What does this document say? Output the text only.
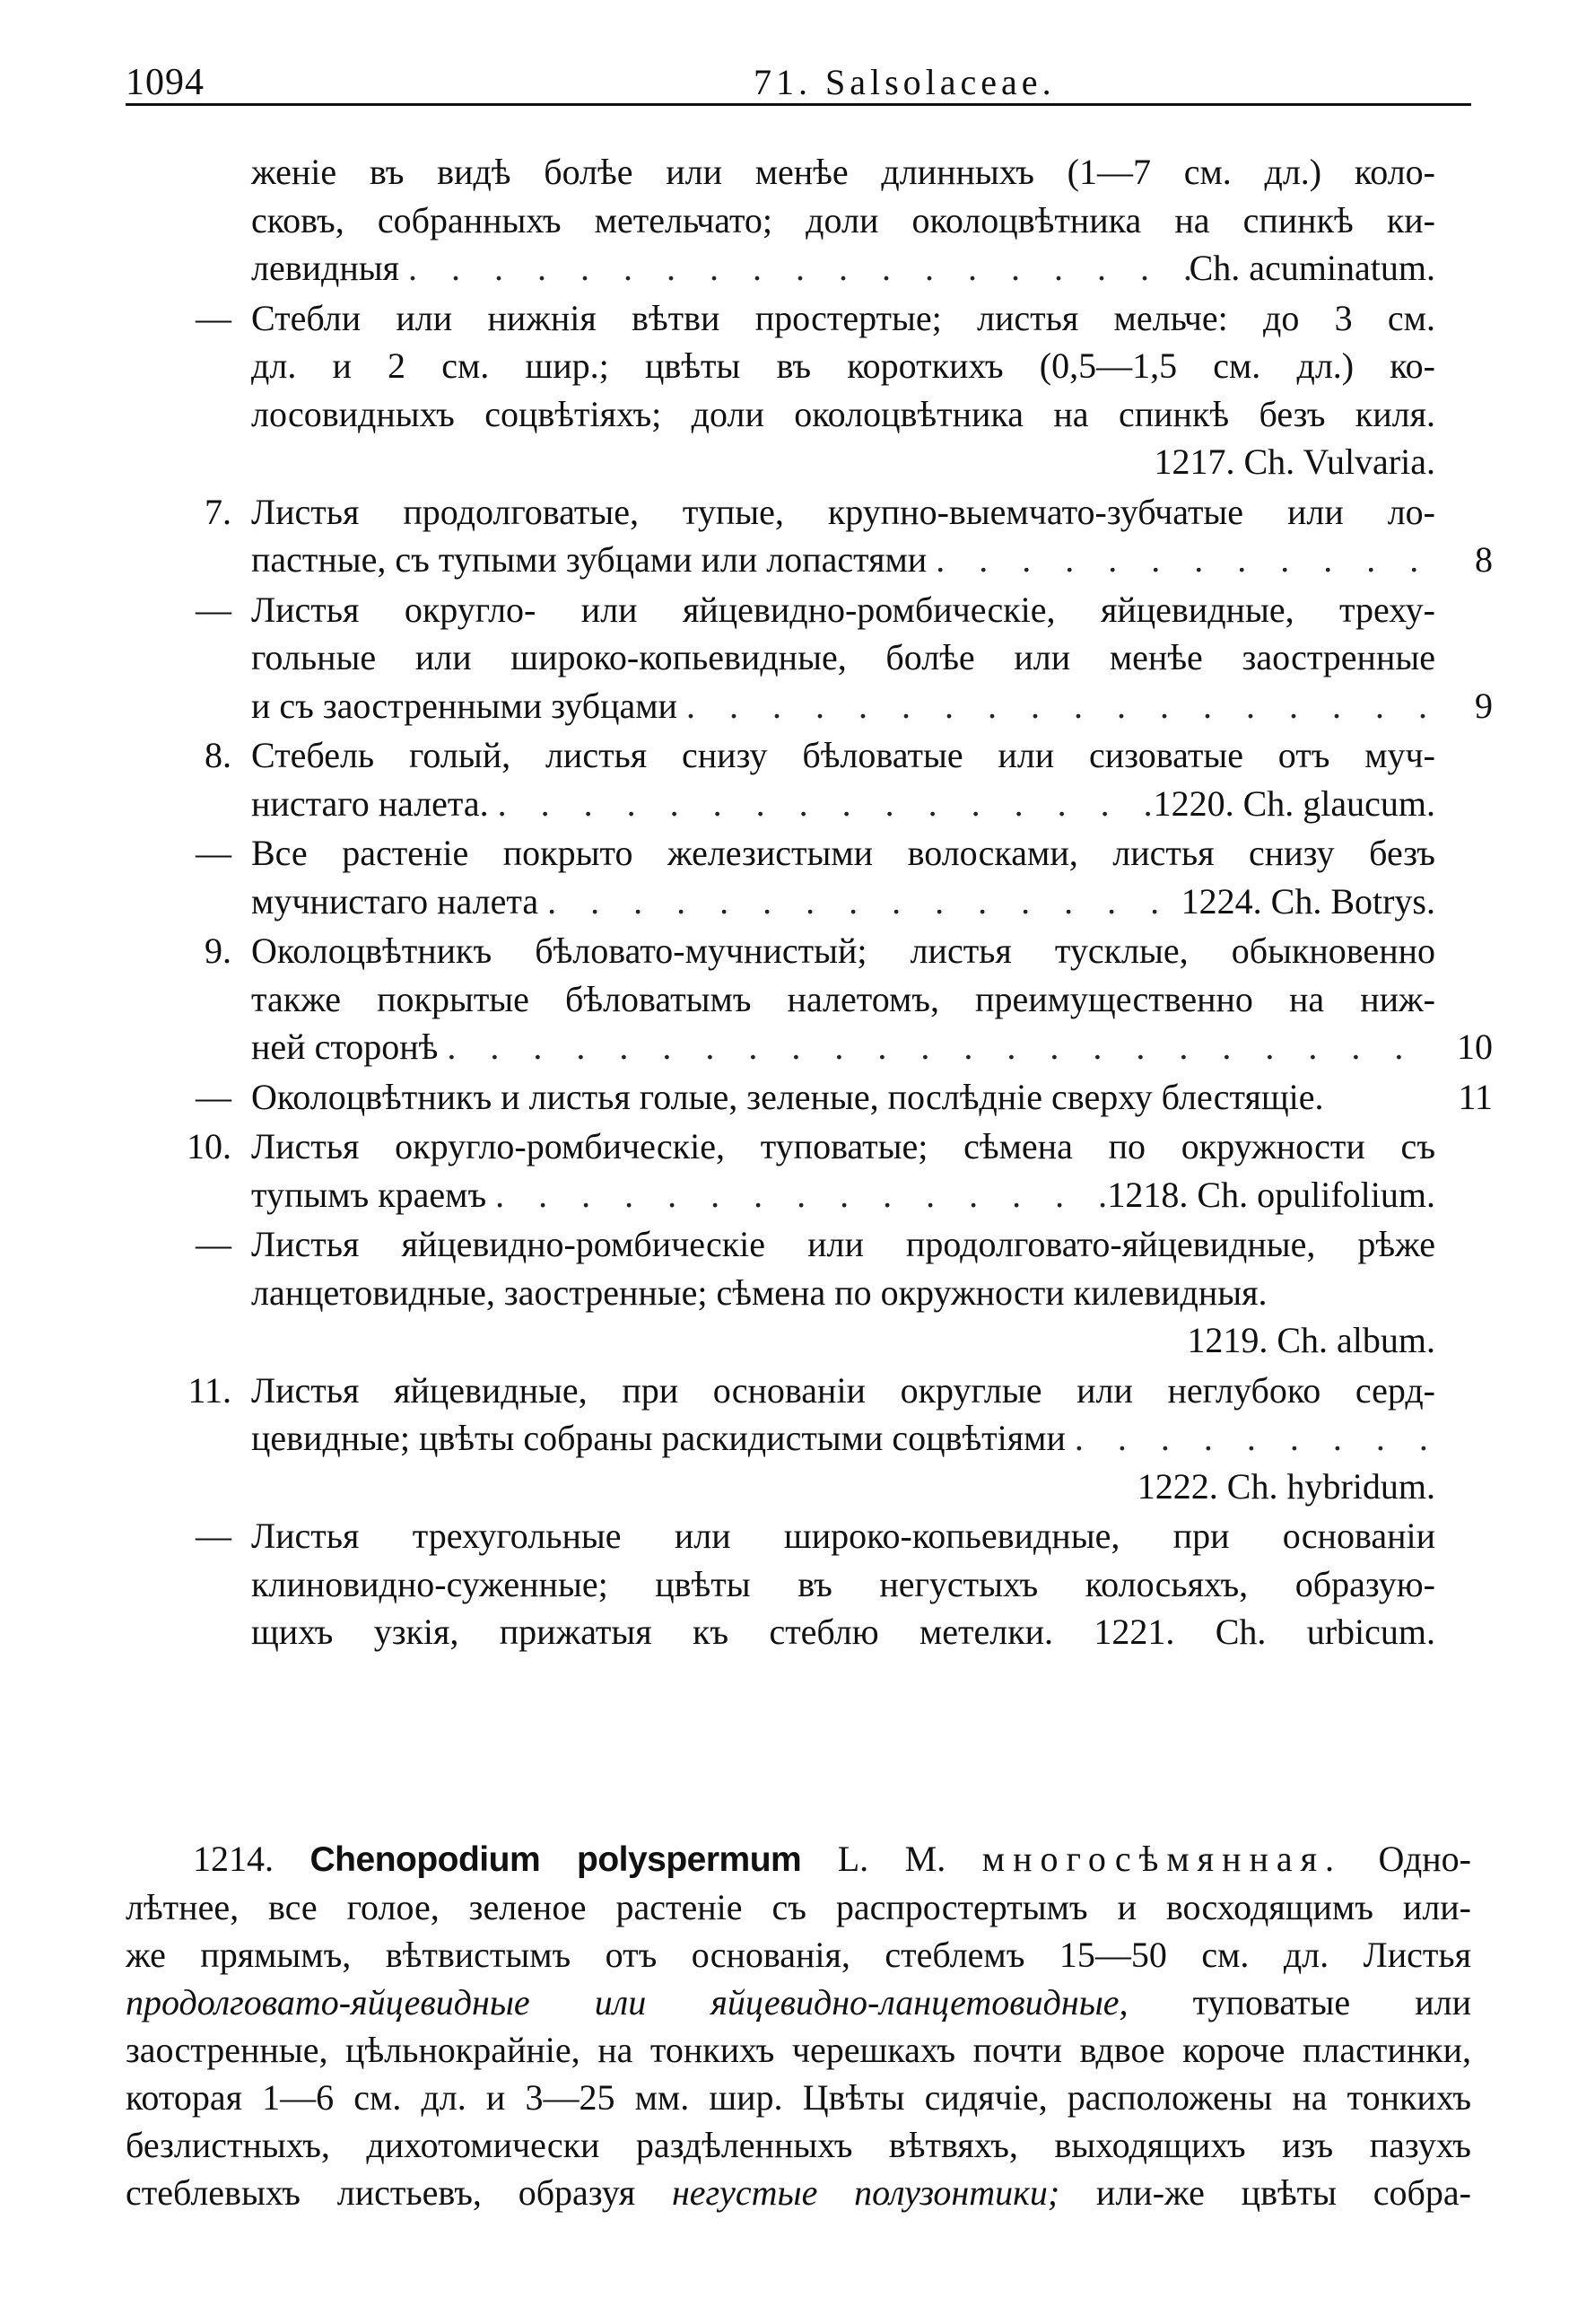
1094	71. Salsolaceae.
женіе въ видѣ болѣе или менѣе длинныхъ (1—7 см. дл.) коло-
сковъ, собранныхъ метельчато; доли околоцвѣтника на спинкѣ ки-
левидныя . . .	Ch. acuminatum.
— Стебли или нижнія вѣтви простертые; листья мельче: до 3 см.
дл. и 2 см. шир.; цвѣты въ короткихъ (0,5—1,5 см. дл.) ко-
лосовидныхъ соцвѣтіяхъ; доли околоцвѣтника на спинкѣ безъ киля.
1217. Ch. Vulvaria.
7. Листья продолговатые, тупые, крупно-выемчато-зубчатые или ло-
пастные, съ тупыми зубцами или лопастями . . .	8
— Листья округло- или яйцевидно-ромбическіе, яйцевидные, треху-
гольные или широко-копьевидные, болѣе или менѣе заостренные
и съ заостренными зубцами . . .	9
8. Стебель голый, листья снизу бѣловатые или сизоватые отъ муч-
нистаго налета. . . .	1220. Ch. glaucum.
— Все растеніе покрыто железистыми волосками, листья снизу безъ
мучнистаго налета . . .	1224. Ch. Botrys.
9. Околоцвѣтникъ бѣловато-мучнистый; листья тусклые, обыкновенно
также покрытые бѣловатымъ налетомъ, преимущественно на ниж-
ней сторонѣ . . .	10
— Околоцвѣтникъ и листья голые, зеленые, послѣдніе сверху блестящіе.	11
10. Листья округло-ромбическіе, туповатые; сѣмена по окружности съ
тупымъ краемъ . . .	1218. Ch. opulifolium.
— Листья яйцевидно-ромбическіе или продолговато-яйцевидные, рѣже
ланцетовидные, заостренные; сѣмена по окружности килевидныя.
1219. Ch. album.
11. Листья яйцевидные, при основаніи округлые или неглубоко серд-
цевидные; цвѣты собраны раскидистыми соцвѣтіями
. . .
1222. Ch. hybridum.
— Листья трехугольные или широко-копьевидные, при основаніи
клиновидно-суженные; цвѣты въ негустыхъ колосьяхъ, образую-
щихъ узкія, прижатыя къ стеблю метелки. 1221. Ch. urbicum.
1214. Chenopodium polyspermum L. M. многосѣмянная. Одно-
лѣтнее, все голое, зеленое растеніе съ распростертымъ и восходящимъ или-
же прямымъ, вѣтвистымъ отъ основанія, стеблемъ 15—50 см. дл. Листья
продолговато-яйцевидные или яйцевидно-ланцетовидные, туповатые или
заостренные, цѣльнокрайніе, на тонкихъ черешкахъ почти вдвое короче пластинки,
которая 1—6 см. дл. и 3—25 мм. шир. Цвѣты сидячіе, расположены на тонкихъ
безлистныхъ, дихотомически раздѣленныхъ вѣтвяхъ, выходящихъ изъ пазухъ
стеблевыхъ листьевъ, образуя негустые полузонтики; или-же цвѣты собра-
